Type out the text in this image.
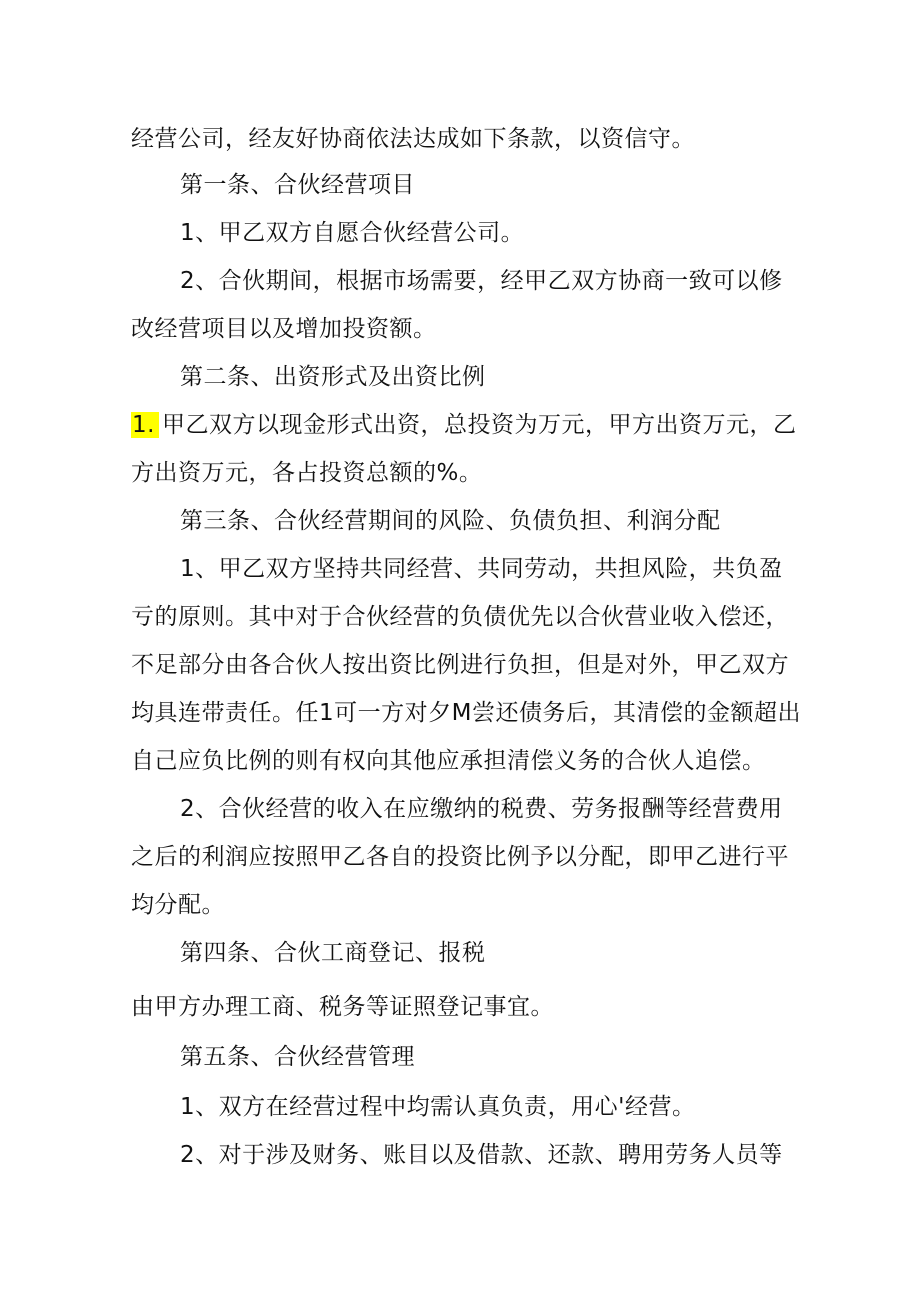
经营公司，经友好协商依法达成如下条款，以资信守。
第一条、合伙经营项目
1、甲乙双方自愿合伙经营公司。
2、合伙期间，根据市场需要，经甲乙双方协商一致可以修
改经营项目以及增加投资额。
第二条、出资形式及出资比例
1. 甲乙双方以现金形式出资，总投资为万元，甲方出资万元，乙
方出资万元，各占投资总额的%。
第三条、合伙经营期间的风险、负债负担、利润分配
1、甲乙双方坚持共同经营、共同劳动，共担风险，共负盈
亏的原则。其中对于合伙经营的负债优先以合伙营业收入偿还，
不足部分由各合伙人按出资比例进行负担，但是对外，甲乙双方
均具连带责任。任1可一方对夕M尝还债务后，其清偿的金额超出
自己应负比例的则有权向其他应承担清偿义务的合伙人追偿。
2、合伙经营的收入在应缴纳的税费、劳务报酬等经营费用
之后的利润应按照甲乙各自的投资比例予以分配，即甲乙进行平
均分配。
第四条、合伙工商登记、报税
由甲方办理工商、税务等证照登记事宜。
第五条、合伙经营管理
1、双方在经营过程中均需认真负责，用心'经营。
2、对于涉及财务、账目以及借款、还款、聘用劳务人员等
